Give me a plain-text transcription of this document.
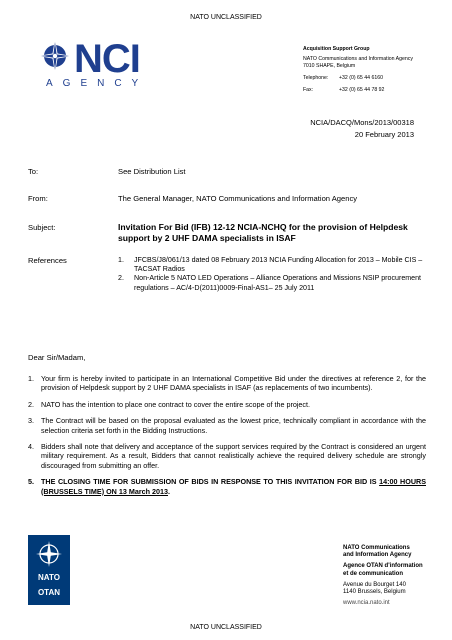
NATO UNCLASSIFIED
NCI
AGENCY
Acquisition Support Group
NATO Communications and Information Agency
7010 SHAPE, Belgium
Telephone:	+32 (0) 65 44 6160
Fax:	+32 (0) 65 44 78 92
NCIA/DACQ/Mons/2013/00318
20 February 2013
To:	See Distribution List
From:	The General Manager, NATO Communications and Information Agency
Subject:	Invitation For Bid (IFB) 12-12 NCIA-NCHQ for the provision of Helpdesk support by 2 UHF DAMA specialists in ISAF
References	1.	JFCBS/J8/061/13 dated 08 February 2013 NCIA Funding Allocation for 2013 – Mobile CIS – TACSAT Radios
2.	Non-Article 5 NATO LED Operations – Alliance Operations and Missions NSIP procurement regulations – AC/4-D(2011)0009-Final-AS1– 25 July 2011
Dear Sir/Madam,
1. Your firm is hereby invited to participate in an International Competitive Bid under the directives at reference 2, for the provision of Helpdesk support by 2 UHF DAMA specialists in ISAF (as replacements of two incumbents).
2. NATO has the intention to place one contract to cover the entire scope of the project.
3. The Contract will be based on the proposal evaluated as the lowest price, technically compliant in accordance with the selection criteria set forth in the Bidding Instructions.
4. Bidders shall note that delivery and acceptance of the support services required by the Contract is considered an urgent military requirement. As a result, Bidders that cannot realistically achieve the required delivery schedule are strongly discouraged from submitting an offer.
5. THE CLOSING TIME FOR SUBMISSION OF BIDS IN RESPONSE TO THIS INVITATION FOR BID IS 14:00 HOURS (BRUSSELS TIME) ON 13 March 2013.
NATO
OTAN
NATO Communications
and Information Agency
Agence OTAN d'information
et de communication
Avenue du Bourget 140
1140 Brussels, Belgium
www.ncia.nato.int
NATO UNCLASSIFIED
